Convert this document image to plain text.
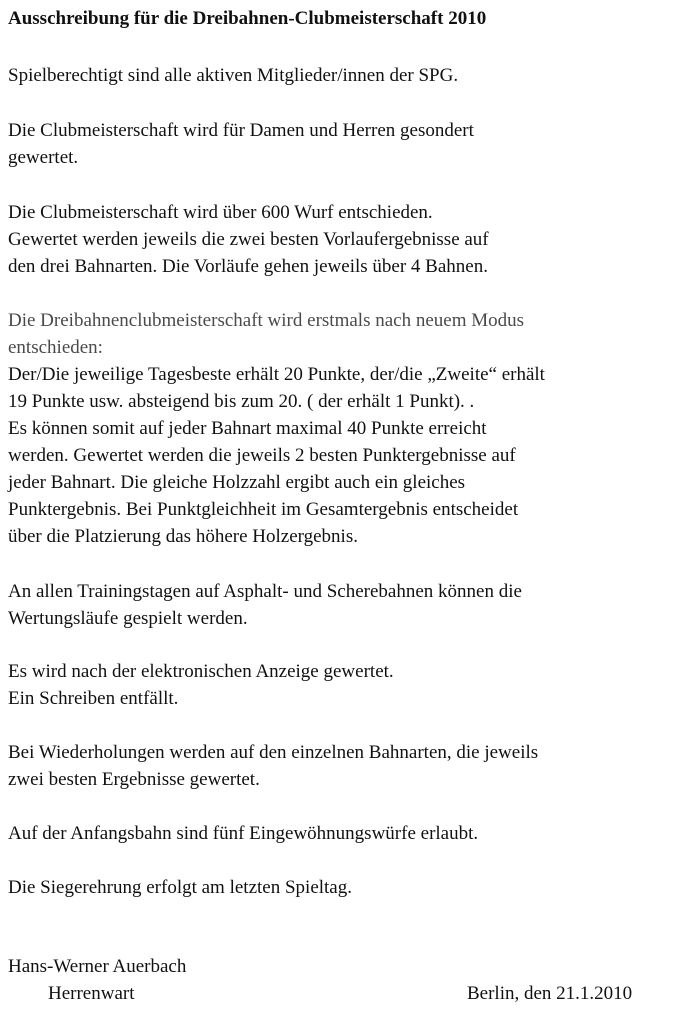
Ausschreibung für die Dreibahnen-Clubmeisterschaft 2010
Spielberechtigt sind alle aktiven Mitglieder/innen der SPG.
Die Clubmeisterschaft wird für Damen und Herren gesondert
gewertet.
Die Clubmeisterschaft wird über 600 Wurf entschieden.
Gewertet werden jeweils die zwei besten Vorlaufergebnisse auf
den drei Bahnarten. Die Vorläufe gehen jeweils über 4 Bahnen.
Die Dreibahnenclubmeisterschaft wird erstmals nach neuem Modus
entschieden:
Der/Die jeweilige Tagesbeste erhält 20 Punkte, der/die „Zweite“ erhält
19 Punkte usw. absteigend bis zum 20. ( der erhält 1 Punkt). .
Es können somit auf jeder Bahnart maximal 40 Punkte erreicht
werden. Gewertet werden die jeweils 2 besten Punktergebnisse auf
jeder Bahnart. Die gleiche Holzzahl ergibt auch ein gleiches
Punktergebnis. Bei Punktgleichheit im Gesamtergebnis entscheidet
über die Platzierung das höhere Holzergebnis.
An allen Trainingstagen auf Asphalt- und Scherebahnen können die
Wertungsläufe gespielt werden.
Es wird nach der elektronischen Anzeige gewertet.
Ein Schreiben entfällt.
Bei Wiederholungen werden auf den einzelnen Bahnarten, die jeweils
zwei besten Ergebnisse gewertet.
Auf der Anfangsbahn sind fünf Eingewöhnungswürfe erlaubt.
Die Siegerehrung erfolgt am letzten Spieltag.
Hans-Werner Auerbach
Herrenwart	Berlin, den 21.1.2010
